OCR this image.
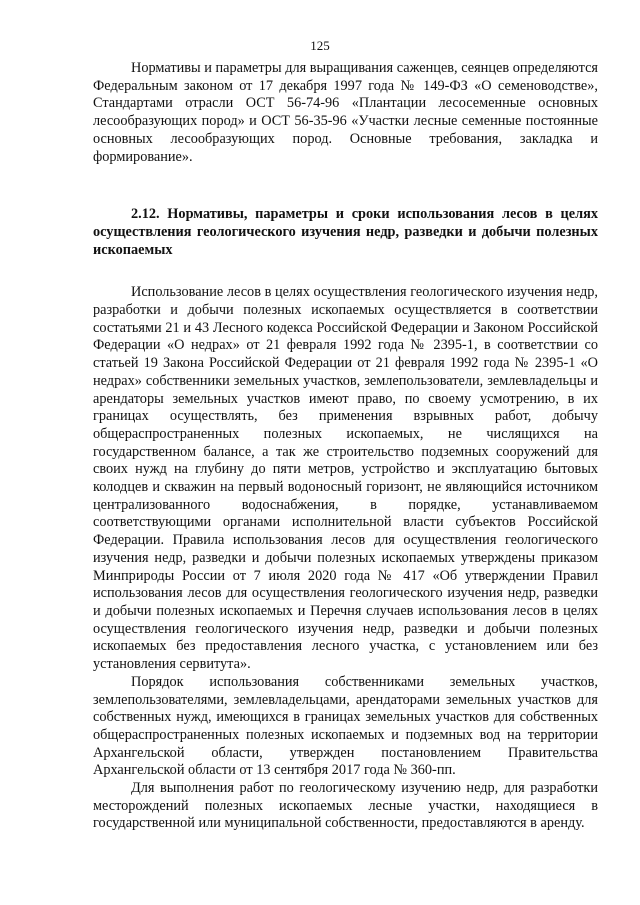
125

Нормативы и параметры для выращивания саженцев, сеянцев определяются Федеральным законом от 17 декабря 1997 года № 149-ФЗ «О семеноводстве», Стандартами отрасли ОСТ 56-74-96 «Плантации лесосеменные основных лесообразующих пород» и ОСТ 56-35-96 «Участки лесные семенные постоянные основных лесообразующих пород. Основные требования, закладка и формирование».

2.12. Нормативы, параметры и сроки использования лесов в целях осуществления геологического изучения недр, разведки и добычи полезных ископаемых

Использование лесов в целях осуществления геологического изучения недр, разработки и добычи полезных ископаемых осуществляется в соответствии состатьями 21 и 43 Лесного кодекса Российской Федерации и Законом Российской Федерации «О недрах» от 21 февраля 1992 года № 2395-1, в соответствии со статьей 19 Закона Российской Федерации от 21 февраля 1992 года № 2395-1 «О недрах» собственники земельных участков, землепользователи, землевладельцы и арендаторы земельных участков имеют право, по своему усмотрению, в их границах осуществлять, без применения взрывных работ, добычу общераспространенных полезных ископаемых, не числящихся на государственном балансе, а так же строительство подземных сооружений для своих нужд на глубину до пяти метров, устройство и эксплуатацию бытовых колодцев и скважин на первый водоносный горизонт, не являющийся источником централизованного водоснабжения, в порядке, устанавливаемом соответствующими органами исполнительной власти субъектов Российской Федерации. Правила использования лесов для осуществления геологического изучения недр, разведки и добычи полезных ископаемых утверждены приказом Минприроды России от 7 июля 2020 года № 417 «Об утверждении Правил использования лесов для осуществления геологического изучения недр, разведки и добычи полезных ископаемых и Перечня случаев использования лесов в целях осуществления геологического изучения недр, разведки и добычи полезных ископаемых без предоставления лесного участка, с установлением или без установления сервитута».

Порядок использования собственниками земельных участков, землепользователями, землевладельцами, арендаторами земельных участков для собственных нужд, имеющихся в границах земельных участков для собственных общераспространенных полезных ископаемых и подземных вод на территории Архангельской области, утвержден постановлением Правительства Архангельской области от 13 сентября 2017 года № 360-пп.

Для выполнения работ по геологическому изучению недр, для разработки месторождений полезных ископаемых лесные участки, находящиеся в государственной или муниципальной собственности, предоставляются в аренду.
